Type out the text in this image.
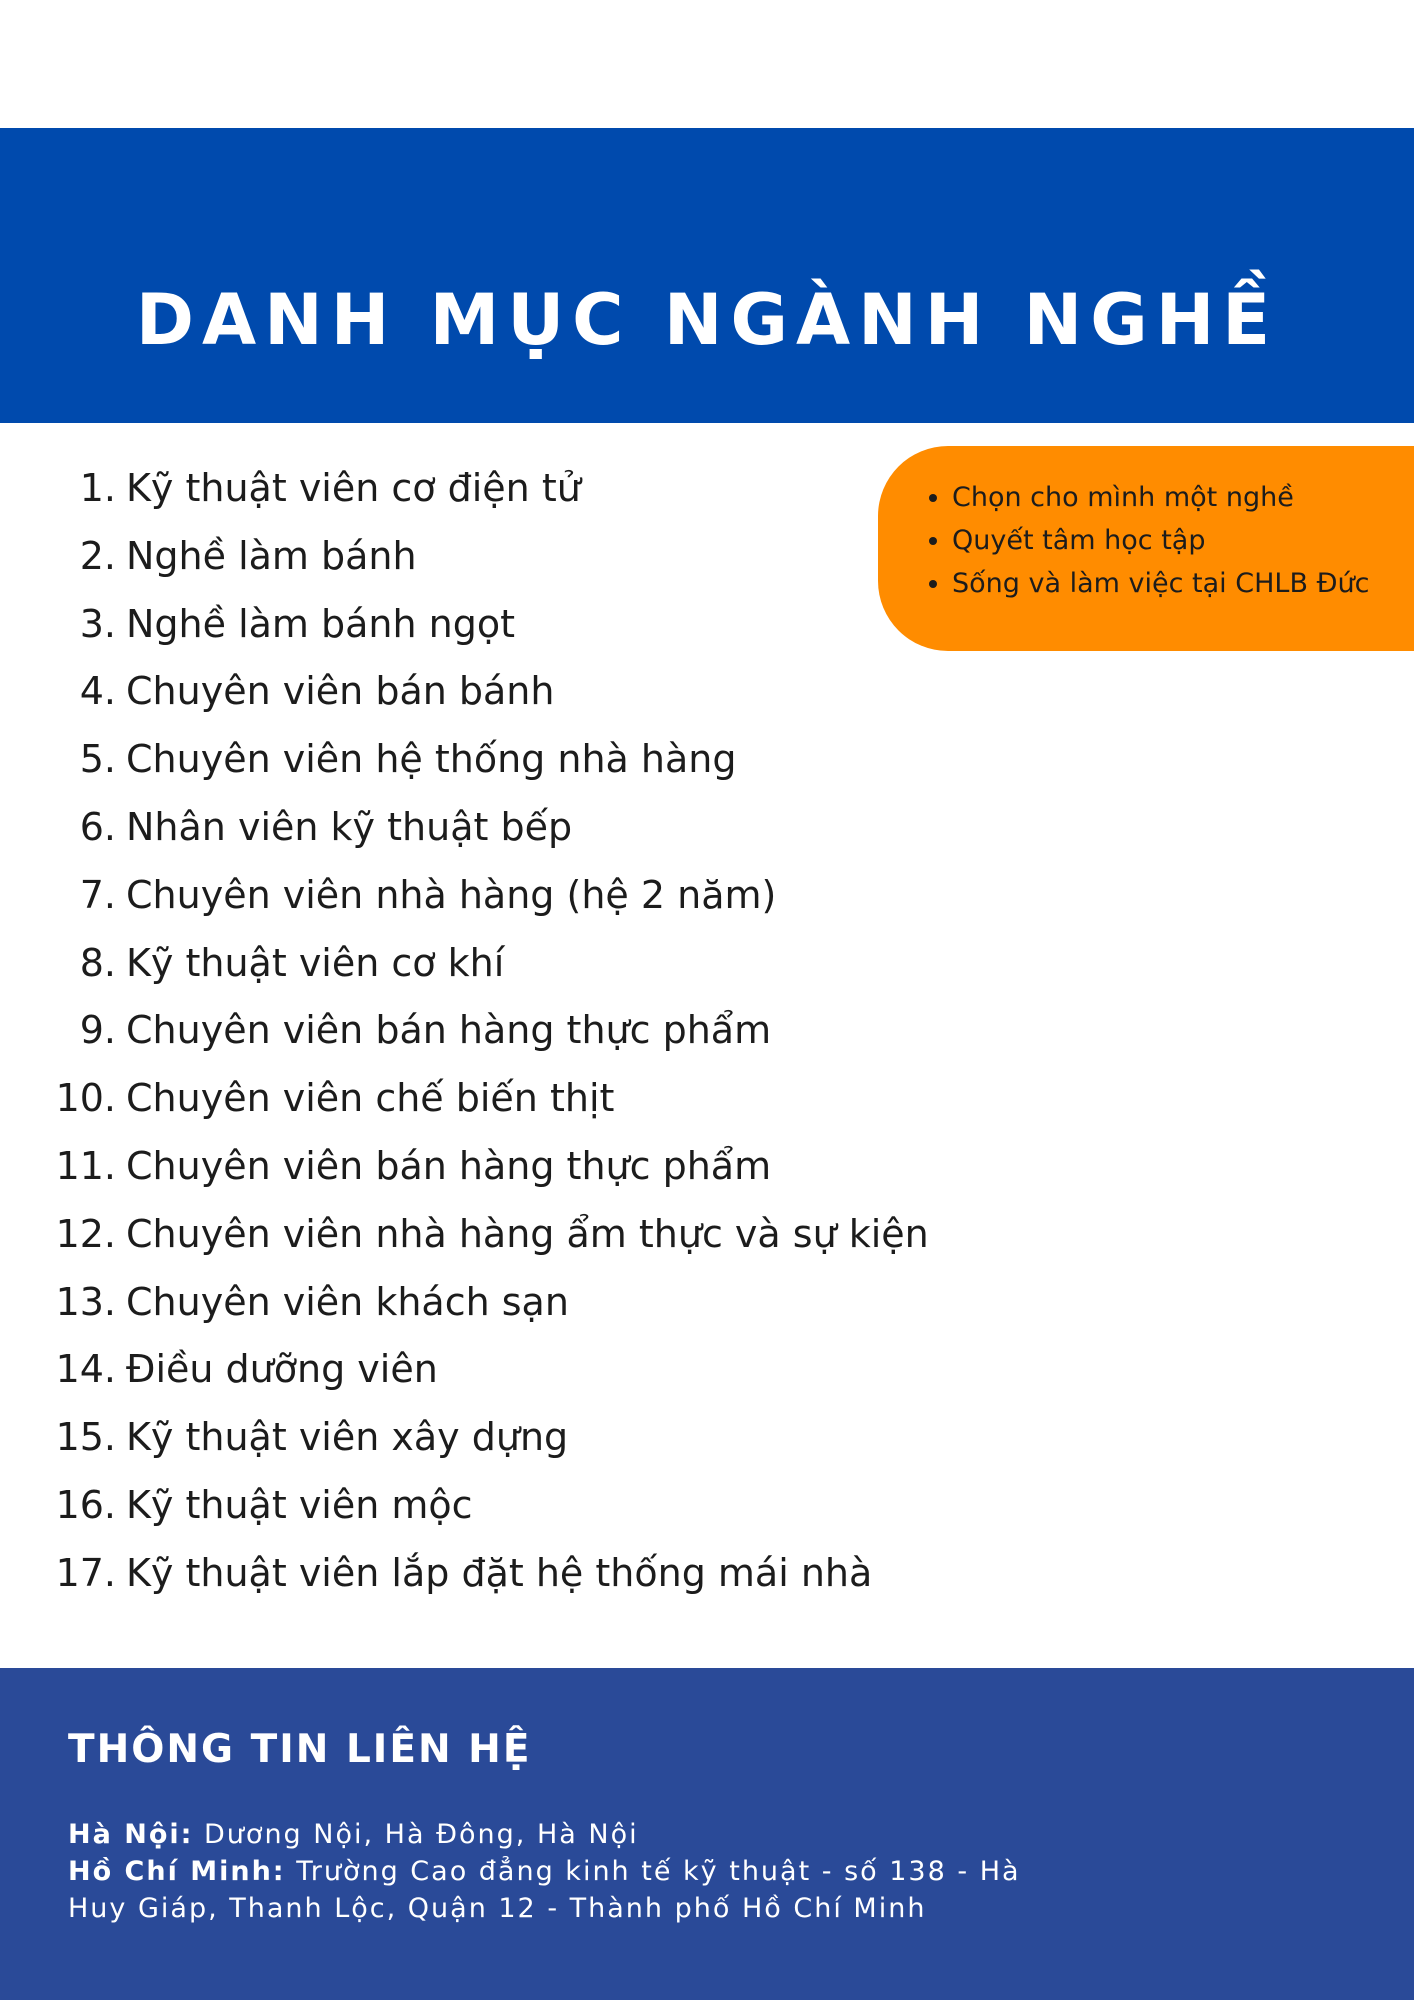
DANH MỤC NGÀNH NGHỀ
• Chọn cho mình một nghề
• Quyết tâm học tập
• Sống và làm việc tại CHLB Đức
1. Kỹ thuật viên cơ điện tử
2. Nghề làm bánh
3. Nghề làm bánh ngọt
4. Chuyên viên bán bánh
5. Chuyên viên hệ thống nhà hàng
6. Nhân viên kỹ thuật bếp
7. Chuyên viên nhà hàng (hệ 2 năm)
8. Kỹ thuật viên cơ khí
9. Chuyên viên bán hàng thực phẩm
10. Chuyên viên chế biến thịt
11. Chuyên viên bán hàng thực phẩm
12. Chuyên viên nhà hàng ẩm thực và sự kiện
13. Chuyên viên khách sạn
14. Điều dưỡng viên
15. Kỹ thuật viên xây dựng
16. Kỹ thuật viên mộc
17. Kỹ thuật viên lắp đặt hệ thống mái nhà
THÔNG TIN LIÊN HỆ

Hà Nội: Dương Nội, Hà Đông, Hà Nội

Hồ Chí Minh: Trường Cao đẳng kinh tế kỹ thuật - số 138 - Hà Huy Giáp, Thanh Lộc, Quận 12 - Thành phố Hồ Chí Minh
